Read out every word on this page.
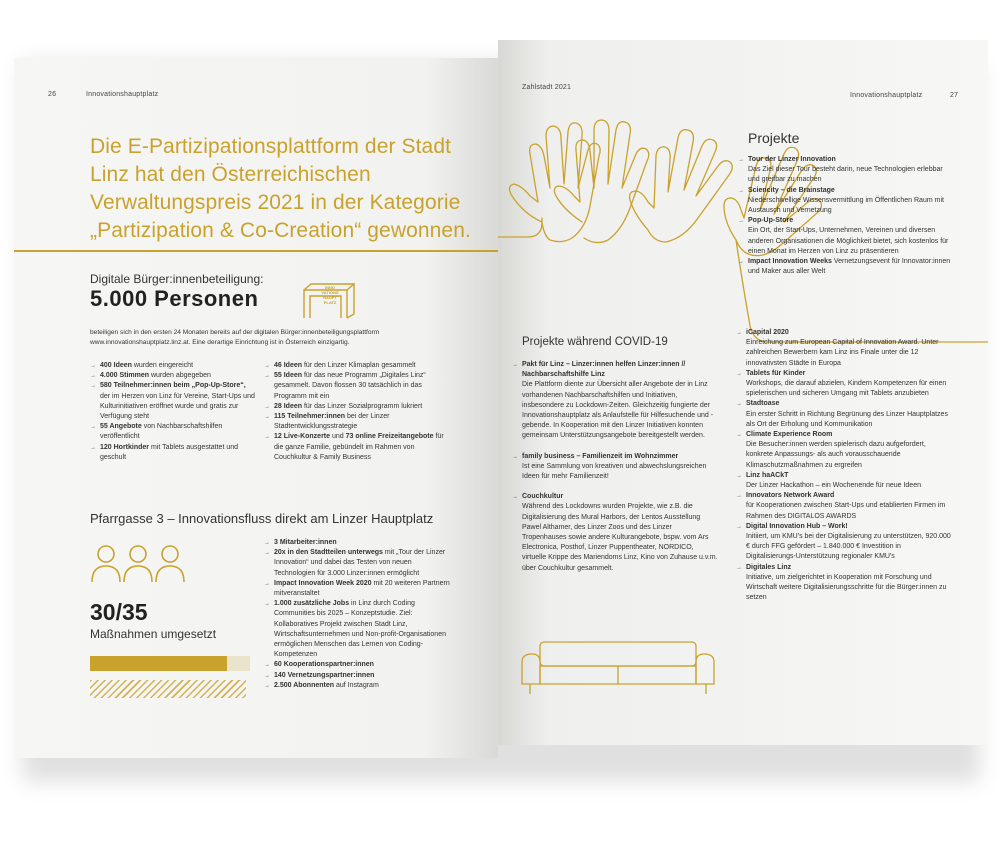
26	Innovationshauptplatz
Die E-Partizipationsplattform der Stadt Linz hat den Österreichischen Verwaltungspreis 2021 in der Kategorie „Partizipation & Co-Creation“ gewonnen.
Digitale Bürger:innenbeteiligung:
5.000 Personen	INNO
VATIONS
HAUPT
PLATZ
beteiligen sich in den ersten 24 Monaten bereits auf der digitalen Bürger:innenbeteiligungsplattform www.innovationshauptplatz.linz.at. Eine derartige Einrichtung ist in Österreich einzigartig.
→ 400 Ideen wurden eingereicht
→ 4.000 Stimmen wurden abgegeben
→ 580 Teilnehmer:innen beim „Pop-Up-Store“, der im Herzen von Linz für Vereine, Start-Ups und Kulturinitiativen eröffnet wurde und gratis zur Verfügung steht
→ 55 Angebote von Nachbarschaftshilfen veröffentlicht
→ 120 Hortkinder mit Tablets ausgestattet und geschult
→ 46 Ideen für den Linzer Klimaplan gesammelt
→ 55 Ideen für das neue Programm „Digitales Linz“ gesammelt. Davon flossen 30 tatsächlich in das Programm mit ein
→ 28 Ideen für das Linzer Sozialprogramm lukriert
→ 115 Teilnehmer:innen bei der Linzer Stadtentwicklungsstrategie
→ 12 Live-Konzerte und 73 online Freizeitangebote für die ganze Familie, gebündelt im Rahmen von Couchkultur & Family Business
Pfarrgasse 3 – Innovationsfluss direkt am Linzer Hauptplatz
30/35
Maßnahmen umgesetzt
→ 3 Mitarbeiter:innen
→ 20x in den Stadtteilen unterwegs mit „Tour der Linzer Innovation“ und dabei das Testen von neuen Technologien für 3.000 Linzer:innen ermöglicht
→ Impact Innovation Week 2020 mit 20 weiteren Partnern mitveranstaltet
→ 1.000 zusätzliche Jobs in Linz durch Coding Communities bis 2025 – Konzeptstudie. Ziel: Kollaboratives Projekt zwischen Stadt Linz, Wirtschaftsunternehmen und Non-profit-Organisationen ermöglichen Menschen das Lernen von Coding-Kompetenzen
→ 60 Kooperationspartner:innen
→ 140 Vernetzungspartner:innen
→ 2.500 Abonnenten auf Instagram
Zahlstadt 2021
Innovationshauptplatz	27
Projekte
→ Tour der Linzer Innovation
Das Ziel dieser Tour besteht darin, neue Technologien erlebbar und greifbar zu machen
→ Sciencity – die Brainstage
Niederschwellige Wissensvermittlung im Öffentlichen Raum mit Austausch und Vernetzung
→ Pop-Up-Store
Ein Ort, der Start-Ups, Unternehmen, Vereinen und diversen anderen Organisationen die Möglichkeit bietet, sich kostenlos für einen Monat im Herzen von Linz zu präsentieren
→ Impact Innovation Weeks Vernetzungsevent für Innovator:innen und Maker aus aller Welt
Projekte während COVID-19
→ Pakt für Linz – Linzer:innen helfen Linzer:innen // Nachbarschaftshilfe Linz
Die Plattform diente zur Übersicht aller Angebote der in Linz vorhandenen Nachbarschaftshilfen und Initiativen, insbesondere zu Lockdown-Zeiten. Gleichzeitig fungierte der Innovationshauptplatz als Anlaufstelle für Hilfesuchende und -gebende. In Kooperation mit den Linzer Initiativen konnten gemeinsam Unterstützungsangebote bereitgestellt werden.
→ family business – Familienzeit im Wohnzimmer
Ist eine Sammlung von kreativen und abwechslungsreichen Ideen für mehr Familienzeit!
→ Couchkultur
Während des Lockdowns wurden Projekte, wie z.B. die Digitalisierung des Mural Harbors, der Lentos Ausstellung Pawel Althamer, des Linzer Zoos und des Linzer Tropenhauses sowie andere Kulturangebote, bspw. vom Ars Electronica, Posthof, Linzer Puppentheater, NORDICO, virtuelle Krippe des Mariendoms Linz, Kino von Zuhause u.v.m. über Couchkultur gesammelt.
→ iCapital 2020
Einreichung zum European Capital of Innovation Award. Unter zahlreichen Bewerbern kam Linz ins Finale unter die 12 innovativsten Städte in Europa
→ Tablets für Kinder
Workshops, die darauf abzielen, Kindern Kompetenzen für einen spielerischen und sicheren Umgang mit Tablets anzubieten
→ Stadtoase
Ein erster Schritt in Richtung Begrünung des Linzer Hauptplatzes als Ort der Erholung und Kommunikation
→ Climate Experience Room
Die Besucher:innen werden spielerisch dazu aufgefordert, konkrete Anpassungs- als auch vorausschauende Klimaschutzmaßnahmen zu ergreifen
→ Linz haACkT
Der Linzer Hackathon – ein Wochenende für neue Ideen
→ Innovators Network Award
für Kooperationen zwischen Start-Ups und etablierten Firmen im Rahmen des DIGITALOS AWARDS
→ Digital Innovation Hub – Work!
Initiiert, um KMU's bei der Digitalisierung zu unterstützen, 920.000 € durch FFG gefördert – 1.840.000 € Investition in Digitalisierungs-Unterstützung regionaler KMU's
→ Digitales Linz
Initiative, um zielgerichtet in Kooperation mit Forschung und Wirtschaft weitere Digitalisierungsschritte für die Bürger:innen zu setzen
